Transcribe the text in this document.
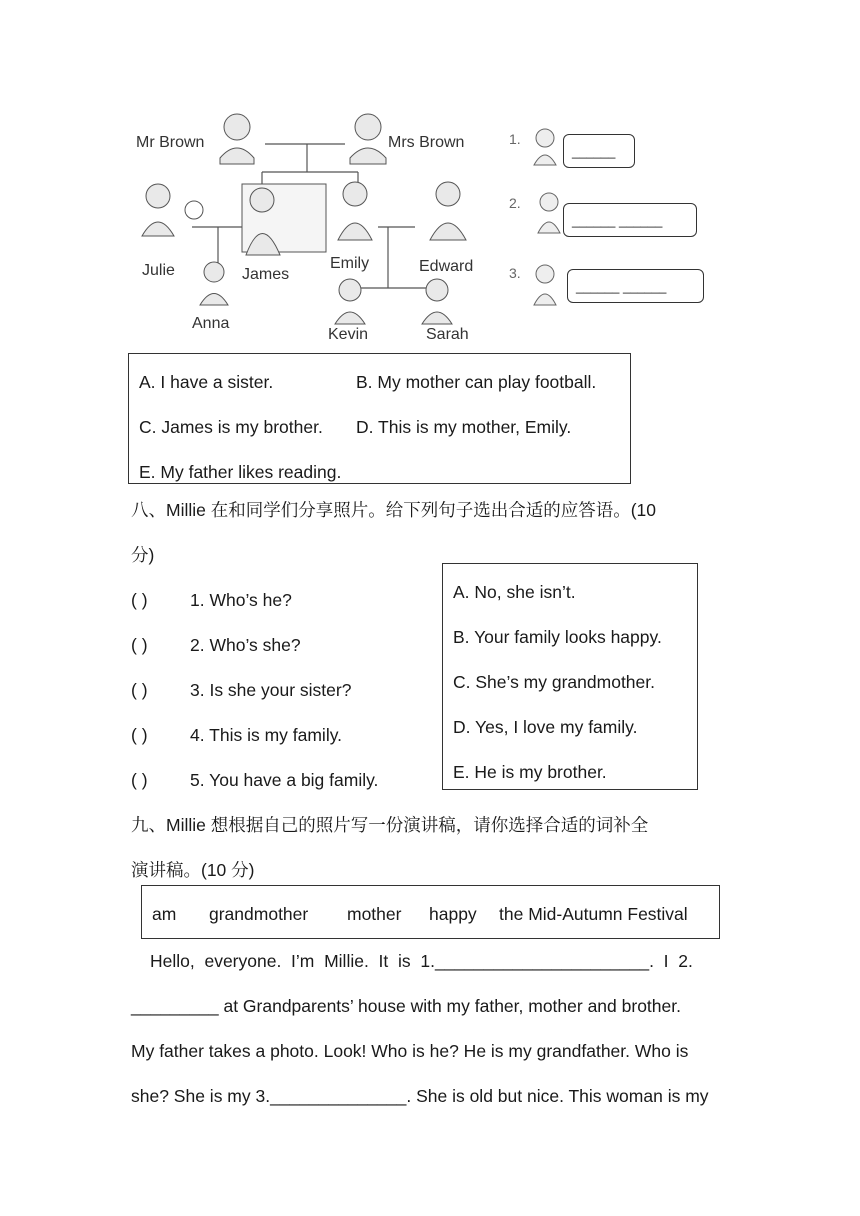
Mr Brown	Mrs Brown
Julie	James
Emily	Edward
Anna
Kevin	Sarah
1.
______
2.
______ ______
3.
______ ______
A. I have a sister.	B. My mother can play football.
C. James is my brother. D. This is my mother, Emily.
E. My father likes reading.
八、Millie 在和同学们分享照片。给下列句子选出合适的应答语。(10
分)
( ) 1. Who’s he?
( ) 2. Who’s she?
( ) 3. Is she your sister?
( ) 4. This is my family.
( ) 5. You have a big family.
A. No, she isn’t.
B. Your family looks happy.
C. She’s my grandmother.
D. Yes, I love my family.
E. He is my brother.
九、Millie 想根据自己的照片写一份演讲稿，请你选择合适的词补全
演讲稿。(10 分)
am grandmother mother happy the Mid-Autumn Festival
Hello,  everyone.  I’m  Millie.  It  is  1.______________________.  I  2.
_________ at Grandparents’ house with my father, mother and brother.
My father takes a photo. Look! Who is he? He is my grandfather. Who is
she? She is my 3.______________. She is old but nice. This woman is my
